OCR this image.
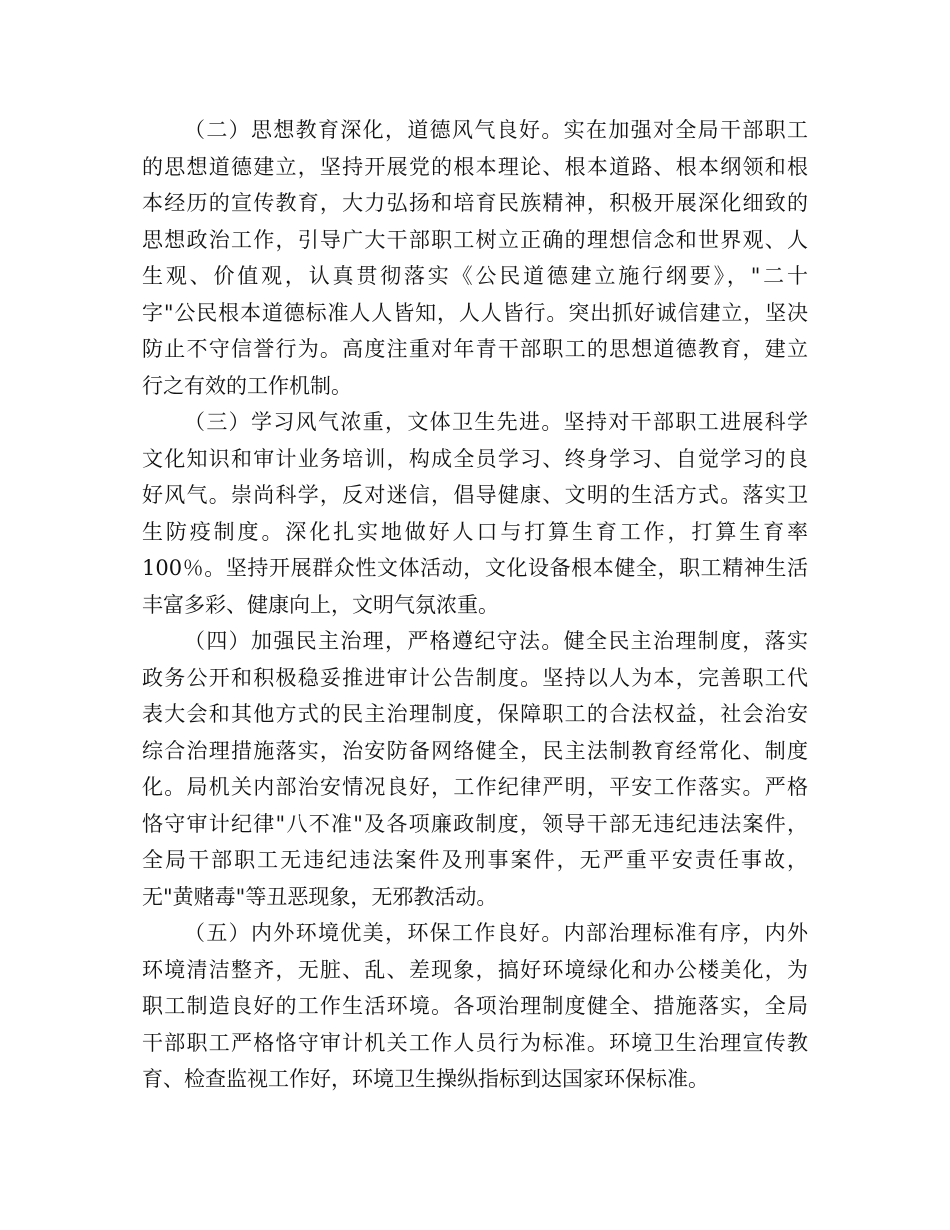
（二）思想教育深化，道德风气良好。实在加强对全局干部职工
的思想道德建立，坚持开展党的根本理论、根本道路、根本纲领和根
本经历的宣传教育，大力弘扬和培育民族精神，积极开展深化细致的
思想政治工作，引导广大干部职工树立正确的理想信念和世界观、人
生观、价值观，认真贯彻落实《公民道德建立施行纲要》，"二十
字"公民根本道德标准人人皆知，人人皆行。突出抓好诚信建立，坚决
防止不守信誉行为。高度注重对年青干部职工的思想道德教育，建立
行之有效的工作机制。
（三）学习风气浓重，文体卫生先进。坚持对干部职工进展科学
文化知识和审计业务培训，构成全员学习、终身学习、自觉学习的良
好风气。崇尚科学，反对迷信，倡导健康、文明的生活方式。落实卫
生防疫制度。深化扎实地做好人口与打算生育工作，打算生育率
100％。坚持开展群众性文体活动，文化设备根本健全，职工精神生活
丰富多彩、健康向上，文明气氛浓重。
（四）加强民主治理，严格遵纪守法。健全民主治理制度，落实
政务公开和积极稳妥推进审计公告制度。坚持以人为本，完善职工代
表大会和其他方式的民主治理制度，保障职工的合法权益，社会治安
综合治理措施落实，治安防备网络健全，民主法制教育经常化、制度
化。局机关内部治安情况良好，工作纪律严明，平安工作落实。严格
恪守审计纪律"八不准"及各项廉政制度，领导干部无违纪违法案件，
全局干部职工无违纪违法案件及刑事案件，无严重平安责任事故，
无"黄赌毒"等丑恶现象，无邪教活动。
（五）内外环境优美，环保工作良好。内部治理标准有序，内外
环境清洁整齐，无脏、乱、差现象，搞好环境绿化和办公楼美化，为
职工制造良好的工作生活环境。各项治理制度健全、措施落实，全局
干部职工严格恪守审计机关工作人员行为标准。环境卫生治理宣传教
育、检查监视工作好，环境卫生操纵指标到达国家环保标准。
